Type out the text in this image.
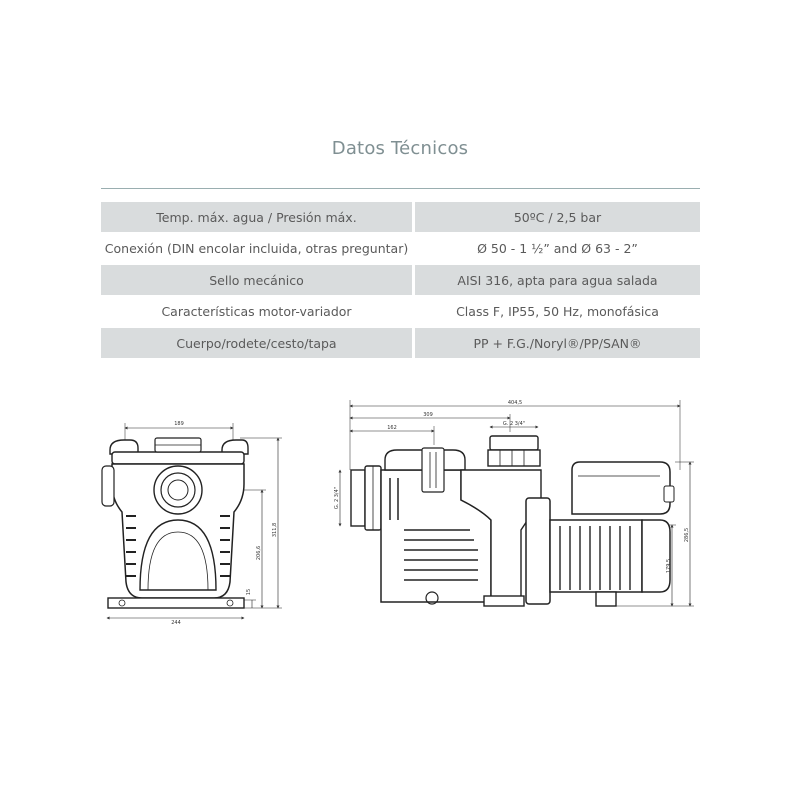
Datos Técnicos
Temp. máx. agua / Presión máx.	50ºC / 2,5 bar
Conexión (DIN encolar incluida, otras preguntar)	Ø 50 - 1 ½” and Ø 63 - 2”
Sello mecánico	AISI 316, apta para agua salada
Características motor-variador	Class F, IP55, 50 Hz, monofásica
Cuerpo/rodete/cesto/tapa	PP + F.G./Noryl®/PP/SAN®
189
244
311,8
206,6
15
404,5
309
162
G. 2 3/4"
G. 2 3/4"
286,5
179,5
